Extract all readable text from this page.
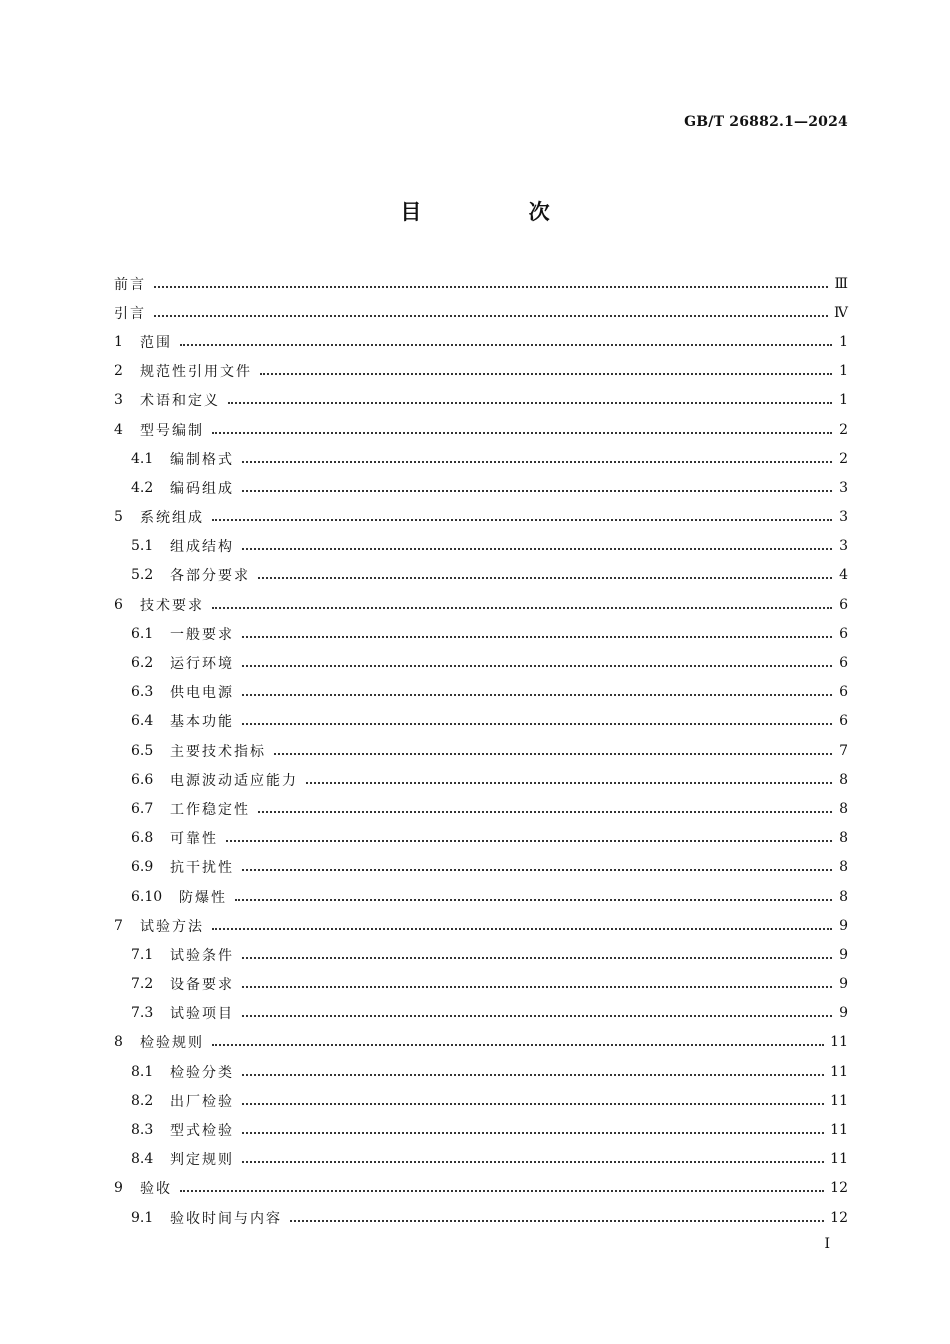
GB/T 26882.1—2024
目 次
前言	Ⅲ
引言	Ⅳ
1	范围	1
2	规范性引用文件	1
3	术语和定义	1
4	型号编制	2
4.1	编制格式	2
4.2	编码组成	3
5	系统组成	3
5.1	组成结构	3
5.2	各部分要求	4
6	技术要求	6
6.1	一般要求	6
6.2	运行环境	6
6.3	供电电源	6
6.4	基本功能	6
6.5	主要技术指标	7
6.6	电源波动适应能力	8
6.7	工作稳定性	8
6.8	可靠性	8
6.9	抗干扰性	8
6.10	防爆性	8
7	试验方法	9
7.1	试验条件	9
7.2	设备要求	9
7.3	试验项目	9
8	检验规则	11
8.1	检验分类	11
8.2	出厂检验	11
8.3	型式检验	11
8.4	判定规则	11
9	验收	12
9.1	验收时间与内容	12
I
